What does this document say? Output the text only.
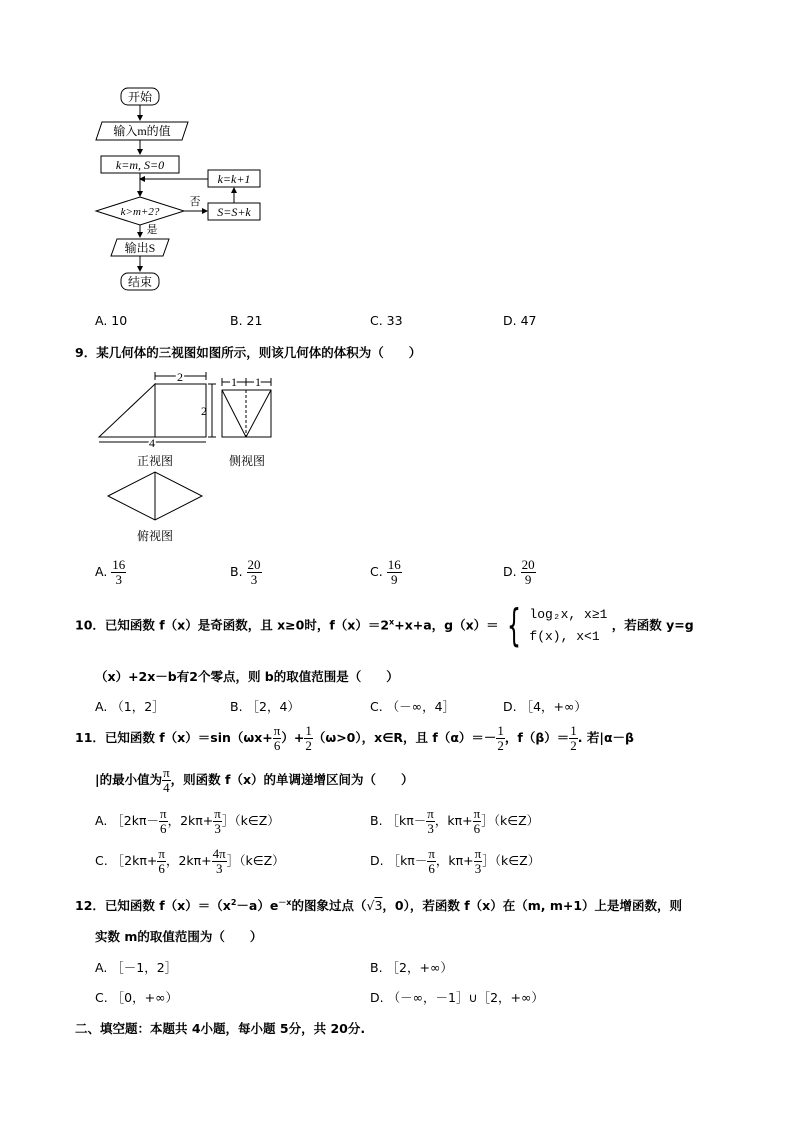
开始
输入m的值
k=m, S=0
k>m+2?
是
否
S=S+k
k=k+1
输出S
结束
A. 10	B. 21	C. 33	D. 47
9．某几何体的三视图如图所示，则该几何体的体积为（　　）
2
2
4
1 1
正视图	侧视图
俯视图
A. $\frac{16}{3}$	B. $\frac{20}{3}$	C. $\frac{16}{9}$	D. $\frac{20}{9}$
10．已知函数 f（x）是奇函数，且 x≥0时，$f(x)=2^x+x+a$，g（x）＝ { log₂x, x≥1
f(x), x<1
，若函数 y=g
（x）+2x－b有2个零点，则 b的取值范围是（　　）
A. （1，2］	B. ［2，4）	C. （－∞，4］	D. ［4，+∞）
11．已知函数 $f(x)=\sin(\omega x+ \frac{\pi}{6}$ ）+ $\frac{1}{2} (\omega>0)$，x∈R，且 $f(\alpha)=- \frac{1}{2}$ ，$f(\beta)= \frac{1}{2}$ . 若|α－β
|的最小值为 $\frac{\pi}{4}$ ，则函数 f（x）的单调递增区间为（　　）
A. ［2kπ－ $\frac{\pi}{6}$ ，$2k\pi+ \frac{\pi}{3}$ ］（k∈Z）	B. ［kπ－ $\frac{\pi}{3}$ ，$k\pi+ \frac{\pi}{6}$ ］（k∈Z）
C. ［2kπ+ $\frac{\pi}{6}$ ，$2k\pi+ \frac{4\pi}{3}$ ］（k∈Z）	D. ［kπ－ $\frac{\pi}{6}$ ，$k\pi+ \frac{\pi}{3}$ ］（k∈Z）
12．已知函数 $f(x)=(x^2-a)e^{-x}$的图象过点（√3，0），若函数 f（x）在（m, m+1）上是增函数，则
实数 m的取值范围为（　　）
A. ［－1，2］	B. ［2，+∞）
C. ［0，+∞）	D. （－∞，－1］∪［2，+∞）
二、填空题：本题共 4小题，每小题 5分，共 20分.
